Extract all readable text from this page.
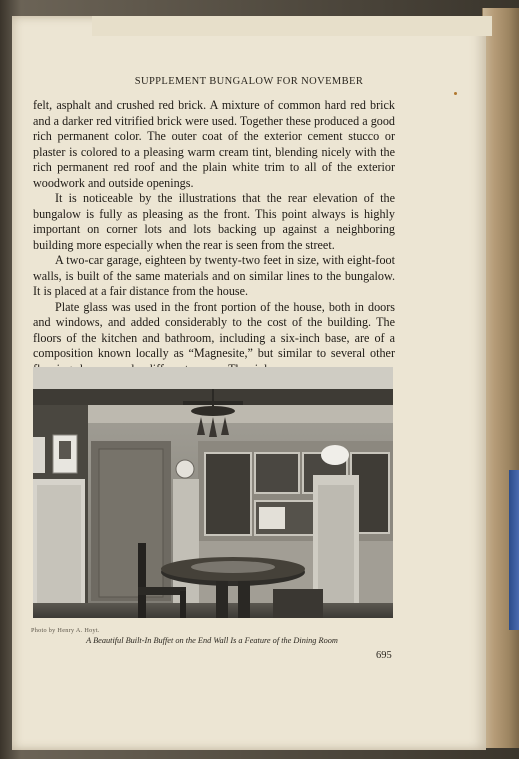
SUPPLEMENT BUNGALOW FOR NOVEMBER

felt, asphalt and crushed red brick. A mixture of common hard red brick and a darker red vitrified brick were used. Together these produced a good rich permanent color. The outer coat of the exterior cement stucco or plaster is colored to a pleasing warm cream tint, blending nicely with the rich permanent red roof and the plain white trim to all of the exterior woodwork and outside openings.

It is noticeable by the illustrations that the rear elevation of the bungalow is fully as pleasing as the front. This point always is highly important on corner lots and lots backing up against a neighboring building more especially when the rear is seen from the street.

A two-car garage, eighteen by twenty-two feet in size, with eight-foot walls, is built of the same materials and on similar lines to the bungalow. It is placed at a fair distance from the house.

Plate glass was used in the front portion of the house, both in doors and windows, and added considerably to the cost of the building. The floors of the kitchen and bathroom, including a six-inch base, are of a composition known locally as “Magnesite,” but similar to several other

Photo by Henry A. Hoyt.
A Beautiful Built-In Buffet on the End Wall Is a Feature of the Dining Room
695
